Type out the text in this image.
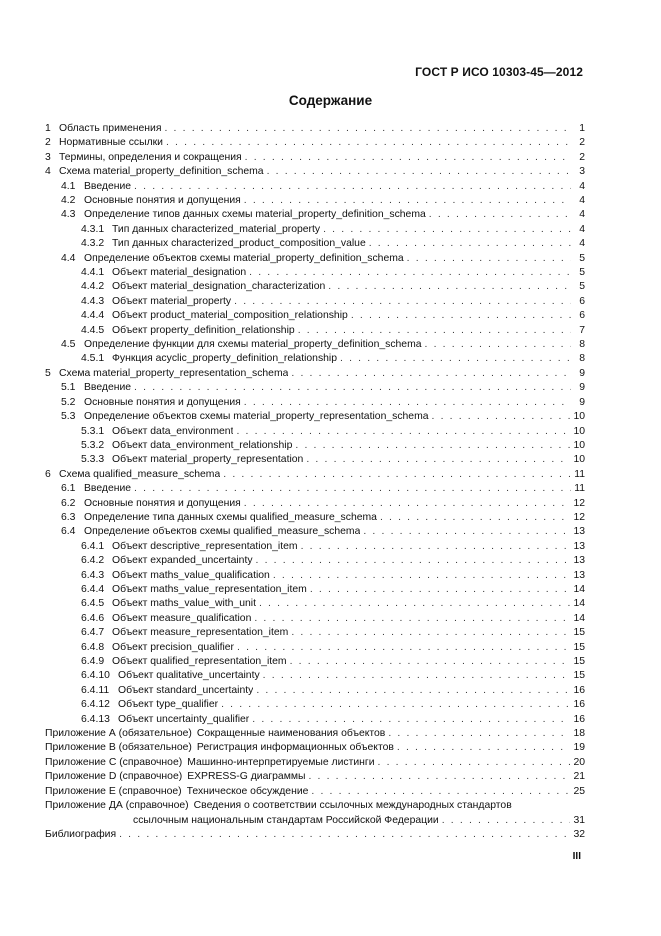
ГОСТ Р ИСО 10303-45—2012
Содержание
1 Область применения . . .	1
2 Нормативные ссылки . . .	2
3 Термины, определения и сокращения . . .	2
4 Схема material_property_definition_schema . . .	3
4.1 Введение . . .	4
4.2 Основные понятия и допущения . . .	4
4.3 Определение типов данных схемы material_property_definition_schema . . .	4
4.3.1 Тип данных characterized_material_property . . .	4
4.3.2 Тип данных characterized_product_composition_value . . .	4
4.4 Определение объектов схемы material_property_definition_schema . . .	5
4.4.1 Объект material_designation . . .	5
4.4.2 Объект material_designation_characterization . . .	5
4.4.3 Объект material_property . . .	6
4.4.4 Объект product_material_composition_relationship . . .	6
4.4.5 Объект property_definition_relationship . . .	7
4.5 Определение функции для схемы material_property_definition_schema . . .	8
4.5.1 Функция acyclic_property_definition_relationship . . .	8
5 Схема material_property_representation_schema . . .	9
5.1 Введение . . .	9
5.2 Основные понятия и допущения . . .	9
5.3 Определение объектов схемы material_property_representation_schema . . .	10
5.3.1 Объект data_environment . . .	10
5.3.2 Объект data_environment_relationship . . .	10
5.3.3 Объект material_property_representation . . .	10
6 Схема qualified_measure_schema . . .	11
6.1 Введение . . .	11
6.2 Основные понятия и допущения . . .	12
6.3 Определение типа данных схемы qualified_measure_schema . . .	12
6.4 Определение объектов схемы qualified_measure_schema . . .	13
6.4.1 Объект descriptive_representation_item . . .	13
6.4.2 Объект expanded_uncertainty . . .	13
6.4.3 Объект maths_value_qualification . . .	13
6.4.4 Объект maths_value_representation_item . . .	14
6.4.5 Объект maths_value_with_unit . . .	14
6.4.6 Объект measure_qualification . . .	14
6.4.7 Объект measure_representation_item . . .	15
6.4.8 Объект precision_qualifier . . .	15
6.4.9 Объект qualified_representation_item . . .	15
6.4.10 Объект qualitative_uncertainty . . .	15
6.4.11 Объект standard_uncertainty . . .	16
6.4.12 Объект type_qualifier . . .	16
6.4.13 Объект uncertainty_qualifier . . .	16
Приложение А (обязательное) Сокращенные наименования объектов . . .	18
Приложение В (обязательное) Регистрация информационных объектов . . .	19
Приложение С (справочное) Машинно-интерпретируемые листинги . . .	20
Приложение D (справочное) EXPRESS-G диаграммы . . .	21
Приложение Е (справочное) Техническое обсуждение . . .	25
Приложение ДА (справочное) Сведения о соответствии ссылочных международных стандартов
ссылочным национальным стандартам Российской Федерации . . .	31
Библиография . . .	32
III
